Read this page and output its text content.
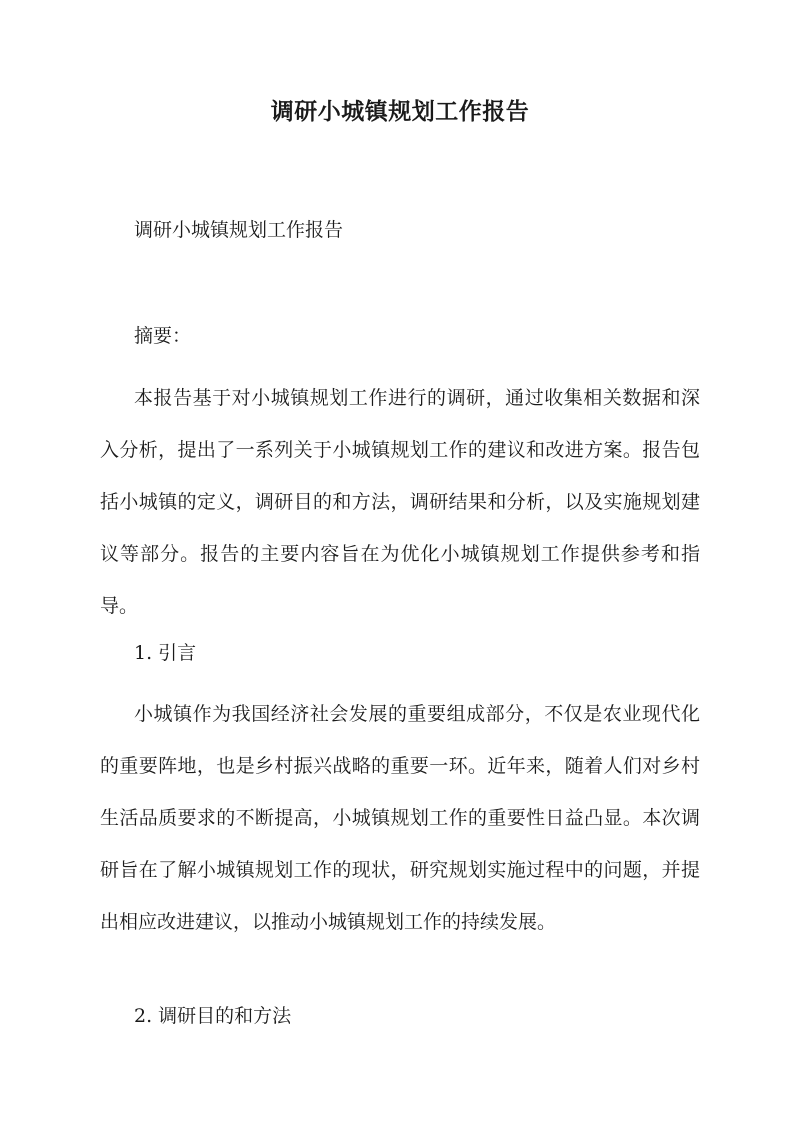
调研小城镇规划工作报告
调研小城镇规划工作报告
摘要：

本报告基于对小城镇规划工作进行的调研，通过收集相关数据和深入分析，提出了一系列关于小城镇规划工作的建议和改进方案。报告包括小城镇的定义，调研目的和方法，调研结果和分析，以及实施规划建议等部分。报告的主要内容旨在为优化小城镇规划工作提供参考和指导。

1. 引言

小城镇作为我国经济社会发展的重要组成部分，不仅是农业现代化的重要阵地，也是乡村振兴战略的重要一环。近年来，随着人们对乡村生活品质要求的不断提高，小城镇规划工作的重要性日益凸显。本次调研旨在了解小城镇规划工作的现状，研究规划实施过程中的问题，并提出相应改进建议，以推动小城镇规划工作的持续发展。

2. 调研目的和方法
